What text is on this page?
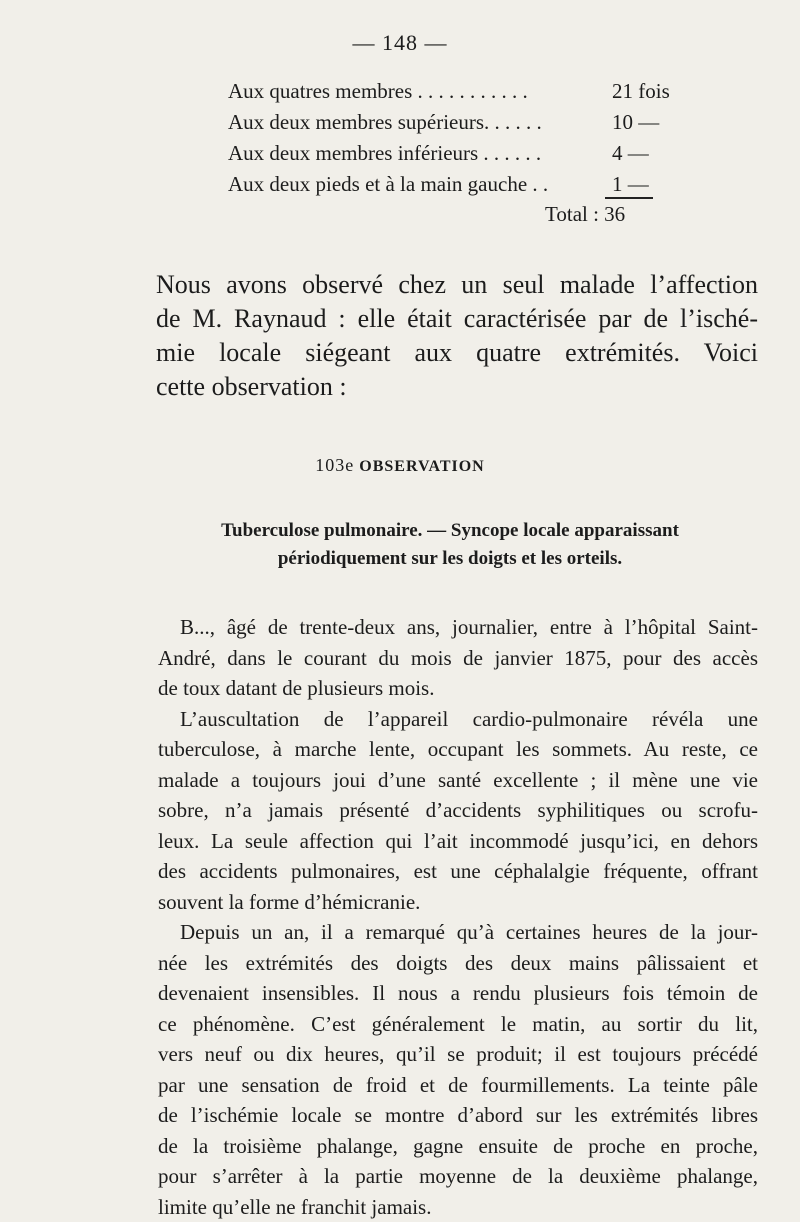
— 148 —
Aux quatres membres . . . . . . . . . . .	21 fois
Aux deux membres supérieurs. . . . . .	10 —
Aux deux membres inférieurs . . . . . .	4 —
Aux deux pieds et à la main gauche . .	1 —
Total : 36
Nous avons observé chez un seul malade l’affection
de M. Raynaud : elle était caractérisée par de l’isché-
mie locale siégeant aux quatre extrémités. Voici
cette observation :
103e OBSERVATION
Tuberculose pulmonaire. — Syncope locale apparaissant
périodiquement sur les doigts et les orteils.
B..., âgé de trente-deux ans, journalier, entre à l’hôpital Saint-
André, dans le courant du mois de janvier 1875, pour des accès
de toux datant de plusieurs mois.
L’auscultation de l’appareil cardio-pulmonaire révéla une
tuberculose, à marche lente, occupant les sommets. Au reste, ce
malade a toujours joui d’une santé excellente ; il mène une vie
sobre, n’a jamais présenté d’accidents syphilitiques ou scrofu-
leux. La seule affection qui l’ait incommodé jusqu’ici, en dehors
des accidents pulmonaires, est une céphalalgie fréquente, offrant
souvent la forme d’hémicranie.
Depuis un an, il a remarqué qu’à certaines heures de la jour-
née les extrémités des doigts des deux mains pâlissaient et
devenaient insensibles. Il nous a rendu plusieurs fois témoin de
ce phénomène. C’est généralement le matin, au sortir du lit,
vers neuf ou dix heures, qu’il se produit; il est toujours précédé
par une sensation de froid et de fourmillements. La teinte pâle
de l’ischémie locale se montre d’abord sur les extrémités libres
de la troisième phalange, gagne ensuite de proche en proche,
pour s’arrêter à la partie moyenne de la deuxième phalange,
limite qu’elle ne franchit jamais.
